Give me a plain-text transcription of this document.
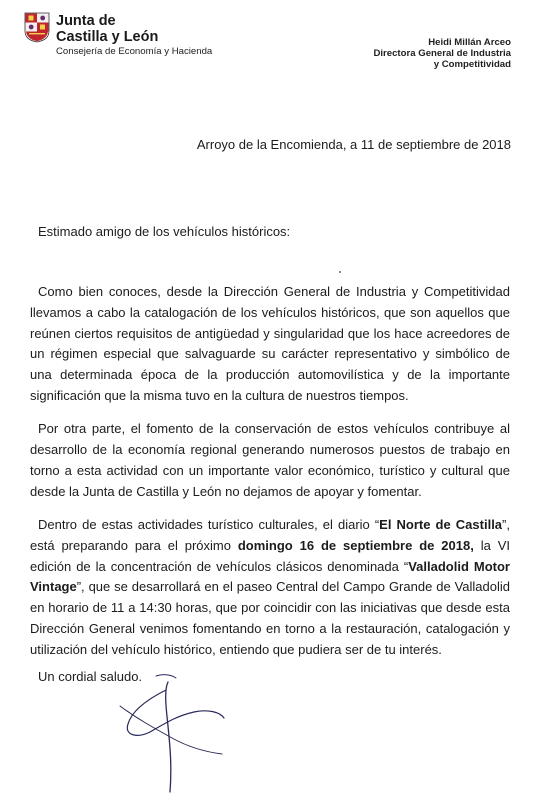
Junta de
Castilla y León
Consejería de Economía y Hacienda
Heidi Millán Arceo
Directora General de Industria
y Competitividad
Arroyo de la Encomienda, a 11 de septiembre de 2018
Estimado amigo de los vehículos históricos:

Como bien conoces, desde la Dirección General de Industria y Competitividad llevamos a cabo la catalogación de los vehículos históricos, que son aquellos que reúnen ciertos requisitos de antigüedad y singularidad que los hace acreedores de un régimen especial que salvaguarde su carácter representativo y simbólico de una determinada época de la producción automovilística y de la importante significación que la misma tuvo en la cultura de nuestros tiempos.

Por otra parte, el fomento de la conservación de estos vehículos contribuye al desarrollo de la economía regional generando numerosos puestos de trabajo en torno a esta actividad con un importante valor económico, turístico y cultural que desde la Junta de Castilla y León no dejamos de apoyar y fomentar.

Dentro de estas actividades turístico culturales, el diario “El Norte de Castilla”, está preparando para el próximo domingo 16 de septiembre de 2018, la VI edición de la concentración de vehículos clásicos denominada “Valladolid Motor Vintage”, que se desarrollará en el paseo Central del Campo Grande de Valladolid en horario de 11 a 14:30 horas, que por coincidir con las iniciativas que desde esta Dirección General venimos fomentando en torno a la restauración, catalogación y utilización del vehículo histórico, entiendo que pudiera ser de tu interés.

Un cordial saludo.
